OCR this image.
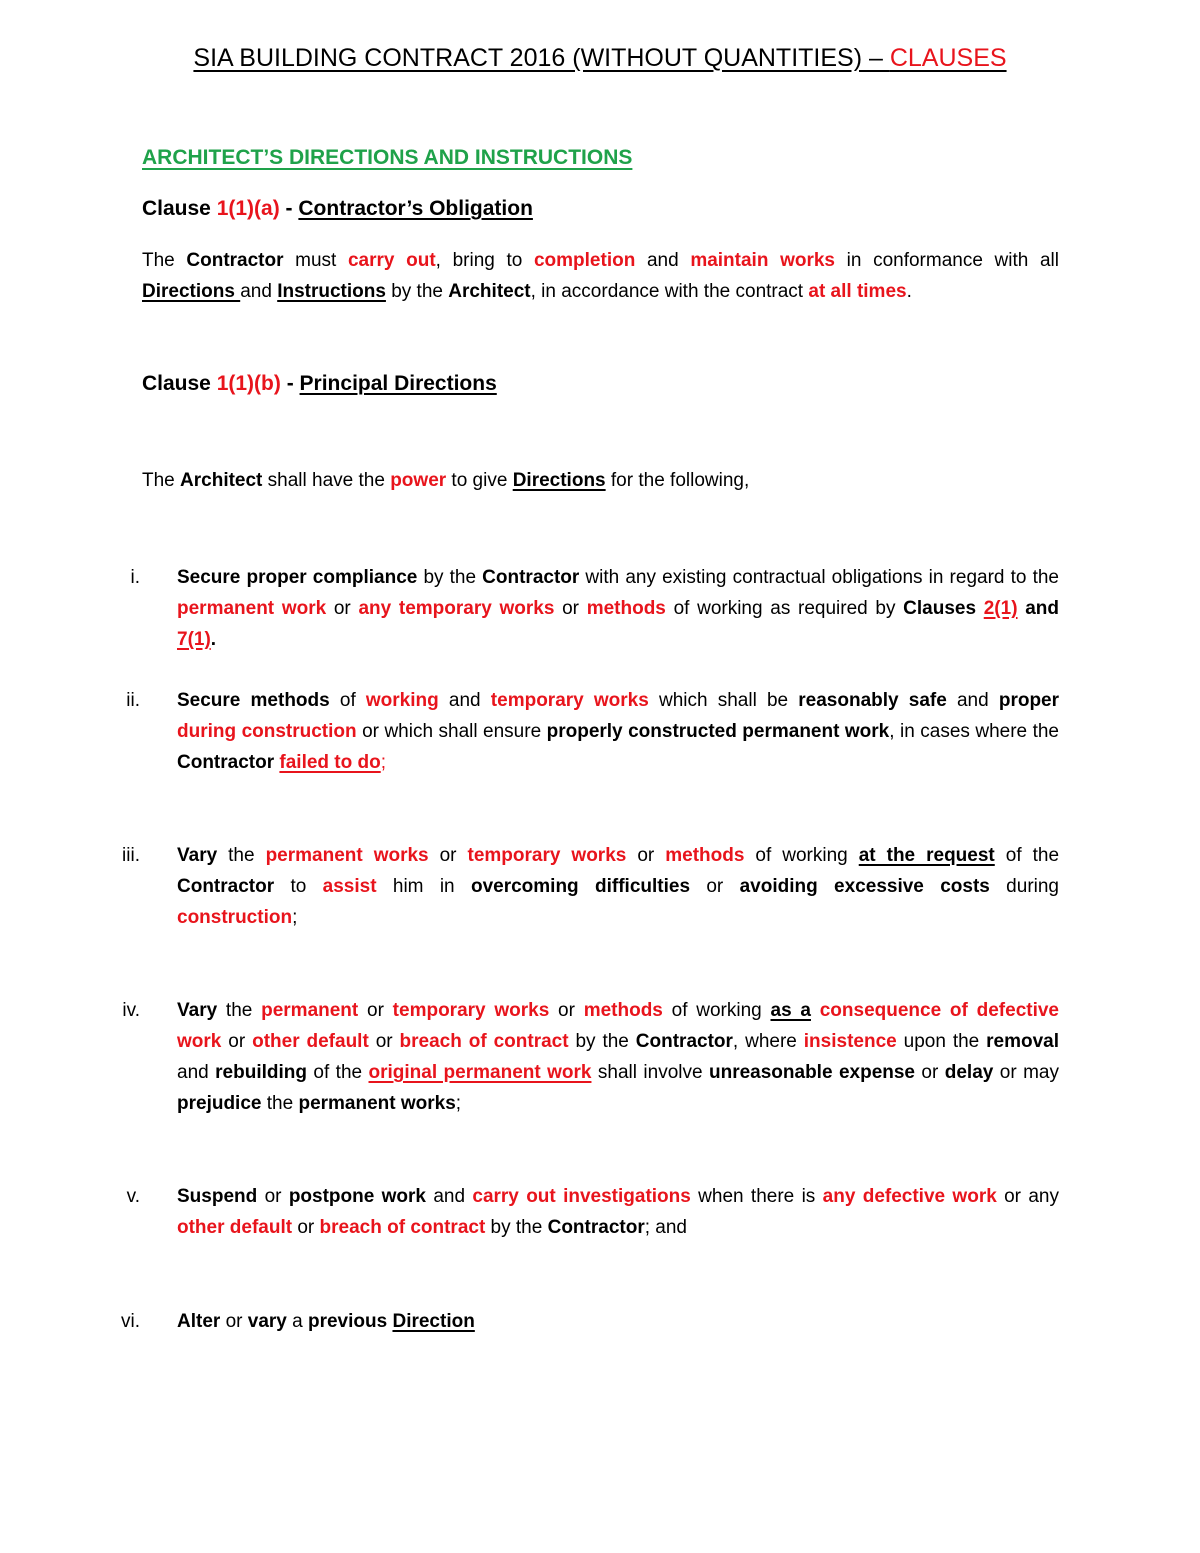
SIA BUILDING CONTRACT 2016 (WITHOUT QUANTITIES) – CLAUSES
ARCHITECT’S DIRECTIONS AND INSTRUCTIONS
Clause 1(1)(a) - Contractor’s Obligation
The Contractor must carry out, bring to completion and maintain works in conformance with all Directions and Instructions by the Architect, in accordance with the contract at all times.
Clause 1(1)(b) - Principal Directions
The Architect shall have the power to give Directions for the following,
i. Secure proper compliance by the Contractor with any existing contractual obligations in regard to the permanent work or any temporary works or methods of working as required by Clauses 2(1) and 7(1).
ii. Secure methods of working and temporary works which shall be reasonably safe and proper during construction or which shall ensure properly constructed permanent work, in cases where the Contractor failed to do;
iii. Vary the permanent works or temporary works or methods of working at the request of the Contractor to assist him in overcoming difficulties or avoiding excessive costs during construction;
iv. Vary the permanent or temporary works or methods of working as a consequence of defective work or other default or breach of contract by the Contractor, where insistence upon the removal and rebuilding of the original permanent work shall involve unreasonable expense or delay or may prejudice the permanent works;
v. Suspend or postpone work and carry out investigations when there is any defective work or any other default or breach of contract by the Contractor; and
vi. Alter or vary a previous Direction
